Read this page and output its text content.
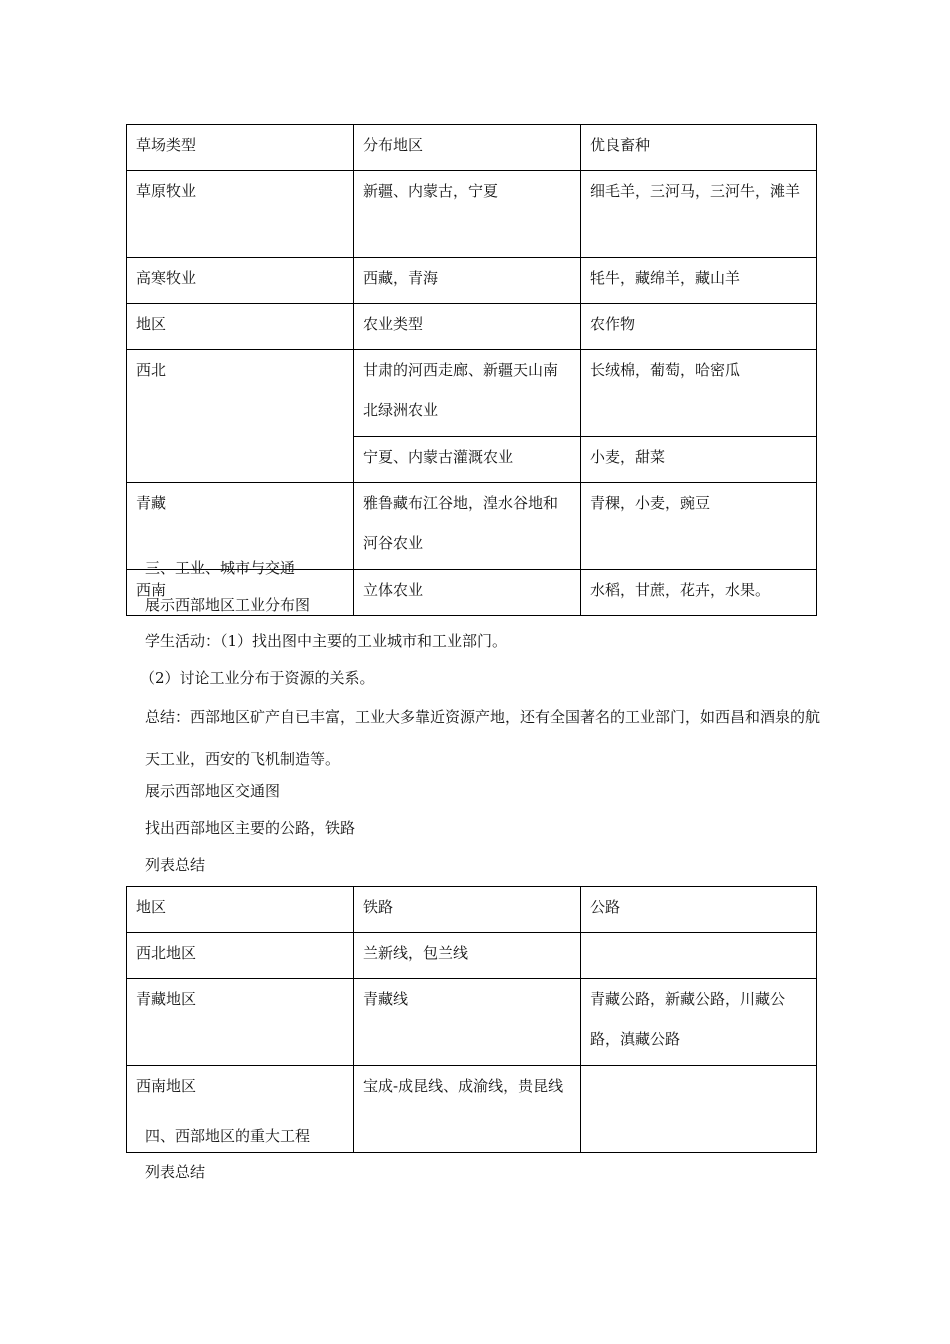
草场类型	分布地区	优良畜种

草原牧业	新疆、内蒙古，宁夏	细毛羊，三河马，三河牛，滩羊

高寒牧业	西藏，青海	牦牛，藏绵羊，藏山羊

地区	农业类型	农作物

西北	甘肃的河西走廊、新疆天山南北绿洲农业	长绒棉，葡萄，哈密瓜

	宁夏、内蒙古灌溉农业	小麦，甜菜

青藏	雅鲁藏布江谷地，湟水谷地和河谷农业	青稞，小麦，豌豆

西南	立体农业	水稻，甘蔗，花卉，水果。

三、工业、城市与交通

展示西部地区工业分布图

学生活动：（1）找出图中主要的工业城市和工业部门。

（2）讨论工业分布于资源的关系。

总结：西部地区矿产自已丰富，工业大多靠近资源产地，还有全国著名的工业部门，如西昌和酒泉的航天工业，西安的飞机制造等。

展示西部地区交通图

找出西部地区主要的公路，铁路

列表总结

地区	铁路	公路

西北地区	兰新线，包兰线	

青藏地区	青藏线	青藏公路，新藏公路，川藏公路，滇藏公路

西南地区	宝成-成昆线、成渝线，贵昆线	

四、西部地区的重大工程

列表总结
